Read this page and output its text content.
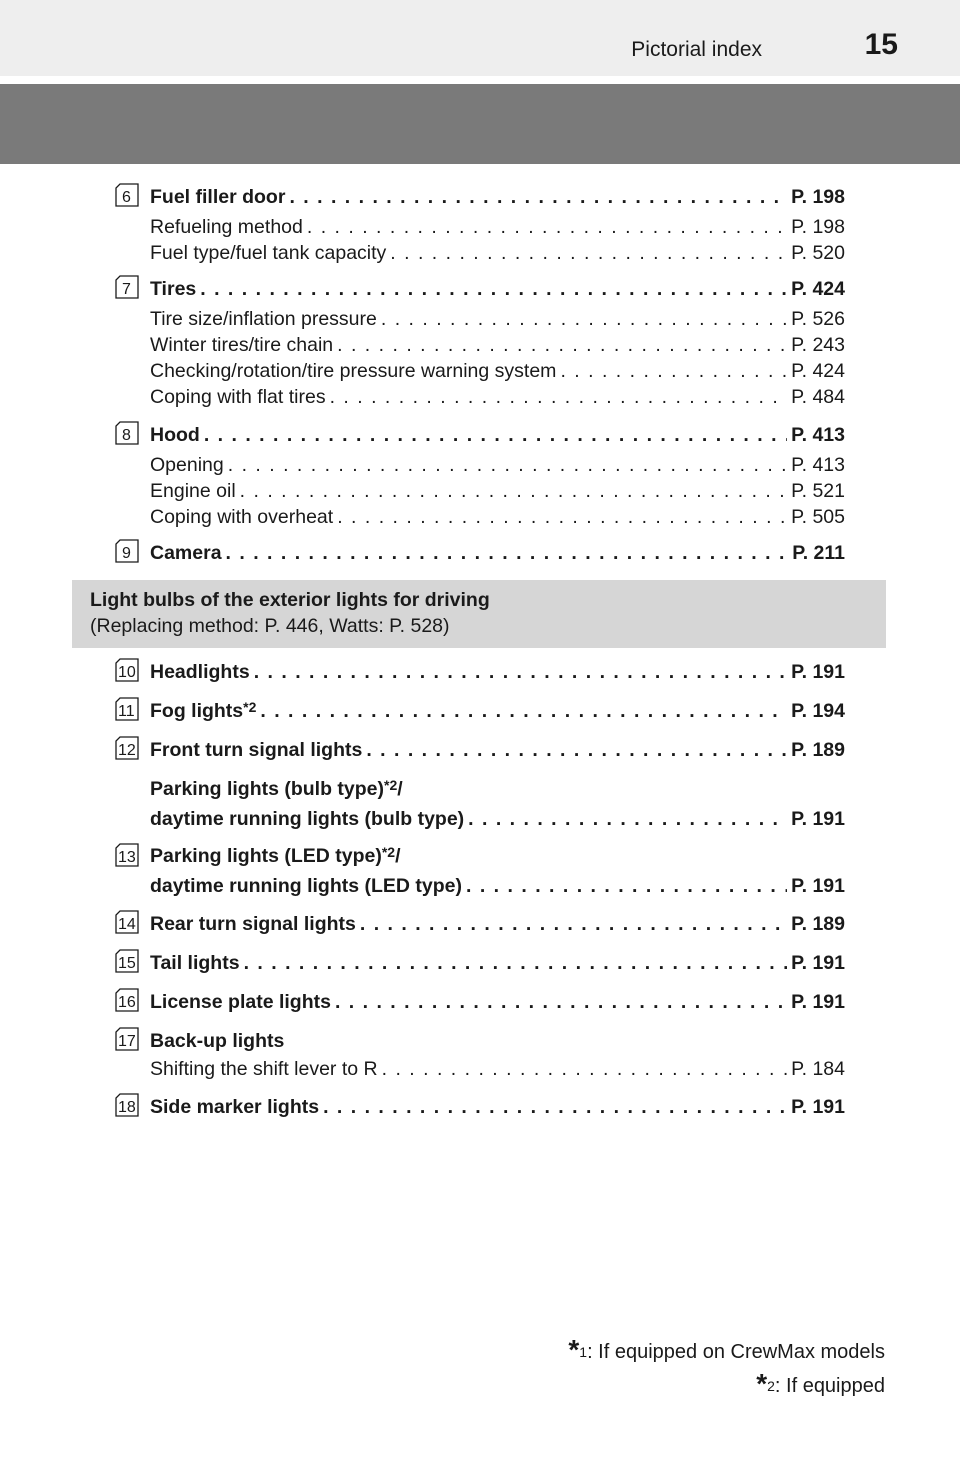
Pictorial index	15
6 Fuel filler door . . .	P. 198
Refueling method . . .	P. 198
Fuel type/fuel tank capacity . . .	P. 520
7 Tires . . .	P. 424
Tire size/inflation pressure . . .	P. 526
Winter tires/tire chain . . .	P. 243
Checking/rotation/tire pressure warning system . . .	P. 424
Coping with flat tires . . .	P. 484
8 Hood . . .	P. 413
Opening . . .	P. 413
Engine oil . . .	P. 521
Coping with overheat . . .	P. 505
9 Camera . . .	P. 211
Light bulbs of the exterior lights for driving
(Replacing method: P. 446, Watts: P. 528)
10 Headlights . . .	P. 191
11 Fog lights$^{*2}$ . . .	P. 194
12 Front turn signal lights . . .	P. 189
Parking lights (bulb type)$^{*2}$/
daytime running lights (bulb type) . . .	P. 191
13 Parking lights (LED type)$^{*2}$/
daytime running lights (LED type) . . .	P. 191
14 Rear turn signal lights . . .	P. 189
15 Tail lights . . .	P. 191
16 License plate lights . . .	P. 191
17 Back-up lights
Shifting the shift lever to R . . .	P. 184
18 Side marker lights . . .	P. 191
*$^1$: If equipped on CrewMax models
*$^2$: If equipped
